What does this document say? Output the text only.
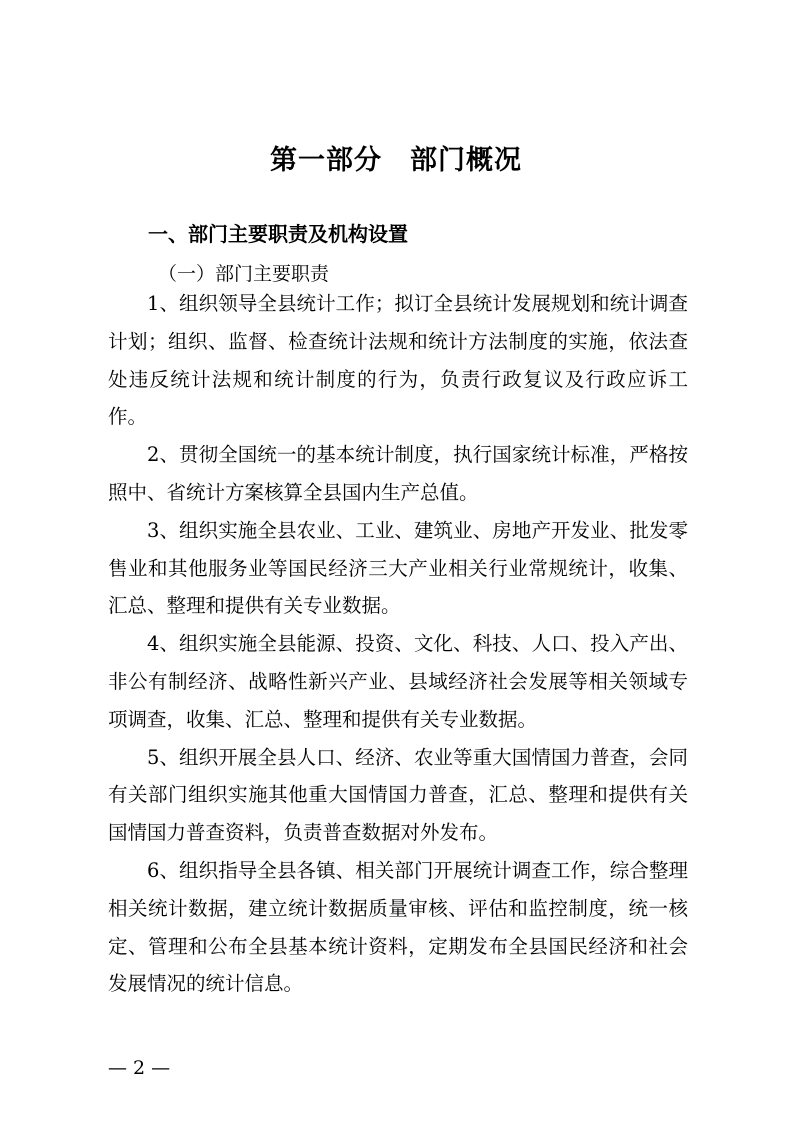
第一部分　部门概况
一、部门主要职责及机构设置
（一）部门主要职责

1、组织领导全县统计工作；拟订全县统计发展规划和统计调查计划；组织、监督、检查统计法规和统计方法制度的实施，依法查处违反统计法规和统计制度的行为，负责行政复议及行政应诉工作。

2、贯彻全国统一的基本统计制度，执行国家统计标准，严格按照中、省统计方案核算全县国内生产总值。

3、组织实施全县农业、工业、建筑业、房地产开发业、批发零售业和其他服务业等国民经济三大产业相关行业常规统计，收集、汇总、整理和提供有关专业数据。

4、组织实施全县能源、投资、文化、科技、人口、投入产出、非公有制经济、战略性新兴产业、县域经济社会发展等相关领域专项调查，收集、汇总、整理和提供有关专业数据。

5、组织开展全县人口、经济、农业等重大国情国力普查，会同有关部门组织实施其他重大国情国力普查，汇总、整理和提供有关国情国力普查资料，负责普查数据对外发布。

6、组织指导全县各镇、相关部门开展统计调查工作，综合整理相关统计数据，建立统计数据质量审核、评估和监控制度，统一核定、管理和公布全县基本统计资料，定期发布全县国民经济和社会发展情况的统计信息。

— 2 —
